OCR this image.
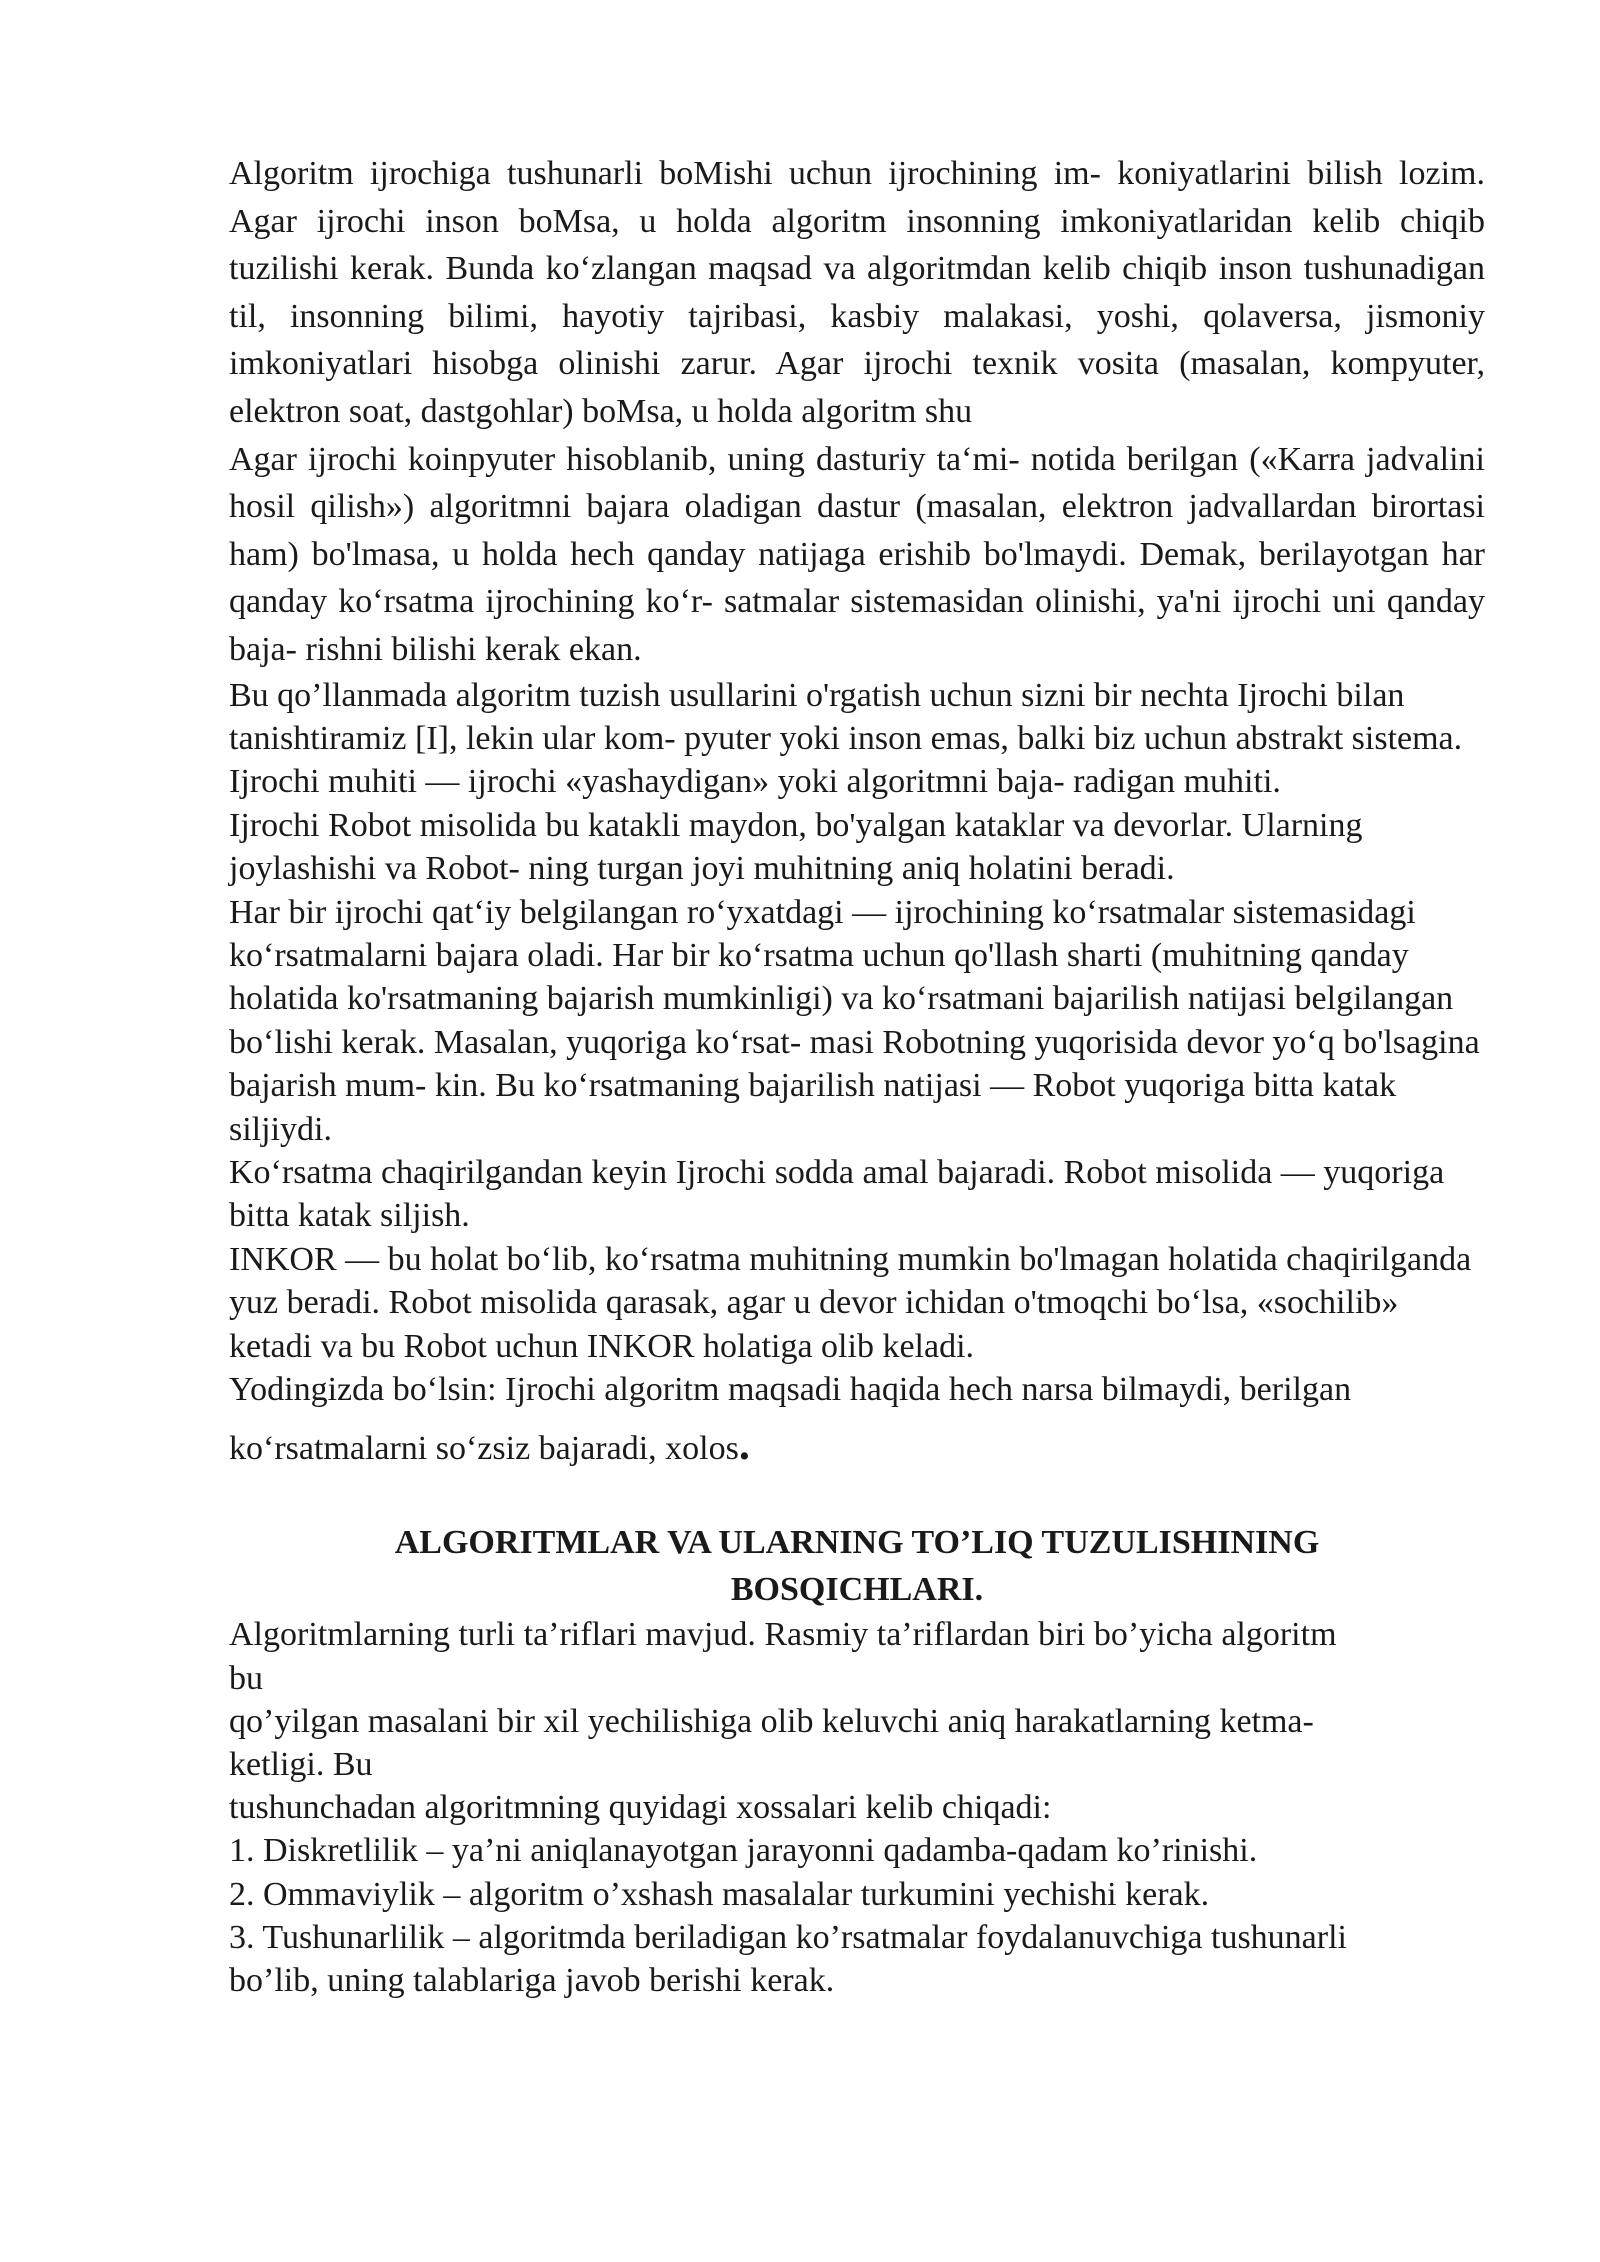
Algoritm ijrochiga tushunarli boMishi uchun ijrochining im- koniyatlarini bilish lozim. Agar ijrochi inson boMsa, u holda algoritm insonning imkoniyatlaridan kelib chiqib tuzilishi kerak. Bunda koʻzlangan maqsad va algoritmdan kelib chiqib inson tushunadigan til, insonning bilimi, hayotiy tajribasi, kasbiy malakasi, yoshi, qolaversa, jismoniy imkoniyatlari hisobga olinishi zarur. Agar ijrochi texnik vosita (masalan, kompyuter, elektron soat, dastgohlar) boMsa, u holda algoritm shu

Agar ijrochi koinpyuter hisoblanib, uning dasturiy taʻmi- notida berilgan («Karra jadvalini hosil qilish») algoritmni bajara oladigan dastur (masalan, elektron jadvallardan birortasi ham) bo'lmasa, u holda hech qanday natijaga erishib bo'lmaydi. Demak, berilayotgan har qanday koʻrsatma ijrochining koʻr- satmalar sistemasidan olinishi, ya'ni ijrochi uni qanday baja- rishni bilishi kerak ekan.

Bu qo’llanmada algoritm tuzish usullarini o'rgatish uchun sizni bir nechta Ijrochi bilan tanishtiramiz [I], lekin ular kom- pyuter yoki inson emas, balki biz uchun abstrakt sistema.

Ijrochi muhiti — ijrochi «yashaydigan» yoki algoritmni baja- radigan muhiti.

Ijrochi Robot misolida bu katakli maydon, bo'yalgan kataklar va devorlar. Ularning joylashishi va Robot- ning turgan joyi muhitning aniq holatini beradi.

Har bir ijrochi qatʻiy belgilangan roʻyxatdagi — ijrochining koʻrsatmalar sistemasidagi koʻrsatmalarni bajara oladi. Har bir koʻrsatma uchun qo'llash sharti (muhitning qanday holatida ko'rsatmaning bajarish mumkinligi) va koʻrsatmani bajarilish natijasi belgilangan boʻlishi kerak. Masalan, yuqoriga koʻrsat- masi Robotning yuqorisida devor yoʻq bo'lsagina bajarish mum- kin. Bu koʻrsatmaning bajarilish natijasi — Robot yuqoriga bitta katak siljiydi.

Koʻrsatma chaqirilgandan keyin Ijrochi sodda amal bajaradi. Robot misolida — yuqoriga bitta katak siljish.

INKOR — bu holat boʻlib, koʻrsatma muhitning mumkin bo'lmagan holatida chaqirilganda yuz beradi. Robot misolida qarasak, agar u devor ichidan o'tmoqchi boʻlsa, «sochilib» ketadi va bu Robot uchun INKOR holatiga olib keladi.

Yodingizda boʻlsin: Ijrochi algoritm maqsadi haqida hech narsa bilmaydi, berilgan

koʻrsatmalarni soʻzsiz bajaradi, xolos.

ALGORITMLAR VA ULARNING TO’LIQ TUZULISHINING
BOSQICHLARI.

Algoritmlarning turli ta’riflari mavjud. Rasmiy ta’riflardan biri bo’yicha algoritm

bu

qo’yilgan masalani bir xil yechilishiga olib keluvchi aniq harakatlarning ketma-

ketligi. Bu

tushunchadan algoritmning quyidagi xossalari kelib chiqadi:

1. Diskretlilik – ya’ni aniqlanayotgan jarayonni qadamba-qadam ko’rinishi.

2. Ommaviylik – algoritm o’xshash masalalar turkumini yechishi kerak.

3. Tushunarlilik – algoritmda beriladigan ko’rsatmalar foydalanuvchiga tushunarli

bo’lib, uning talablariga javob berishi kerak.
